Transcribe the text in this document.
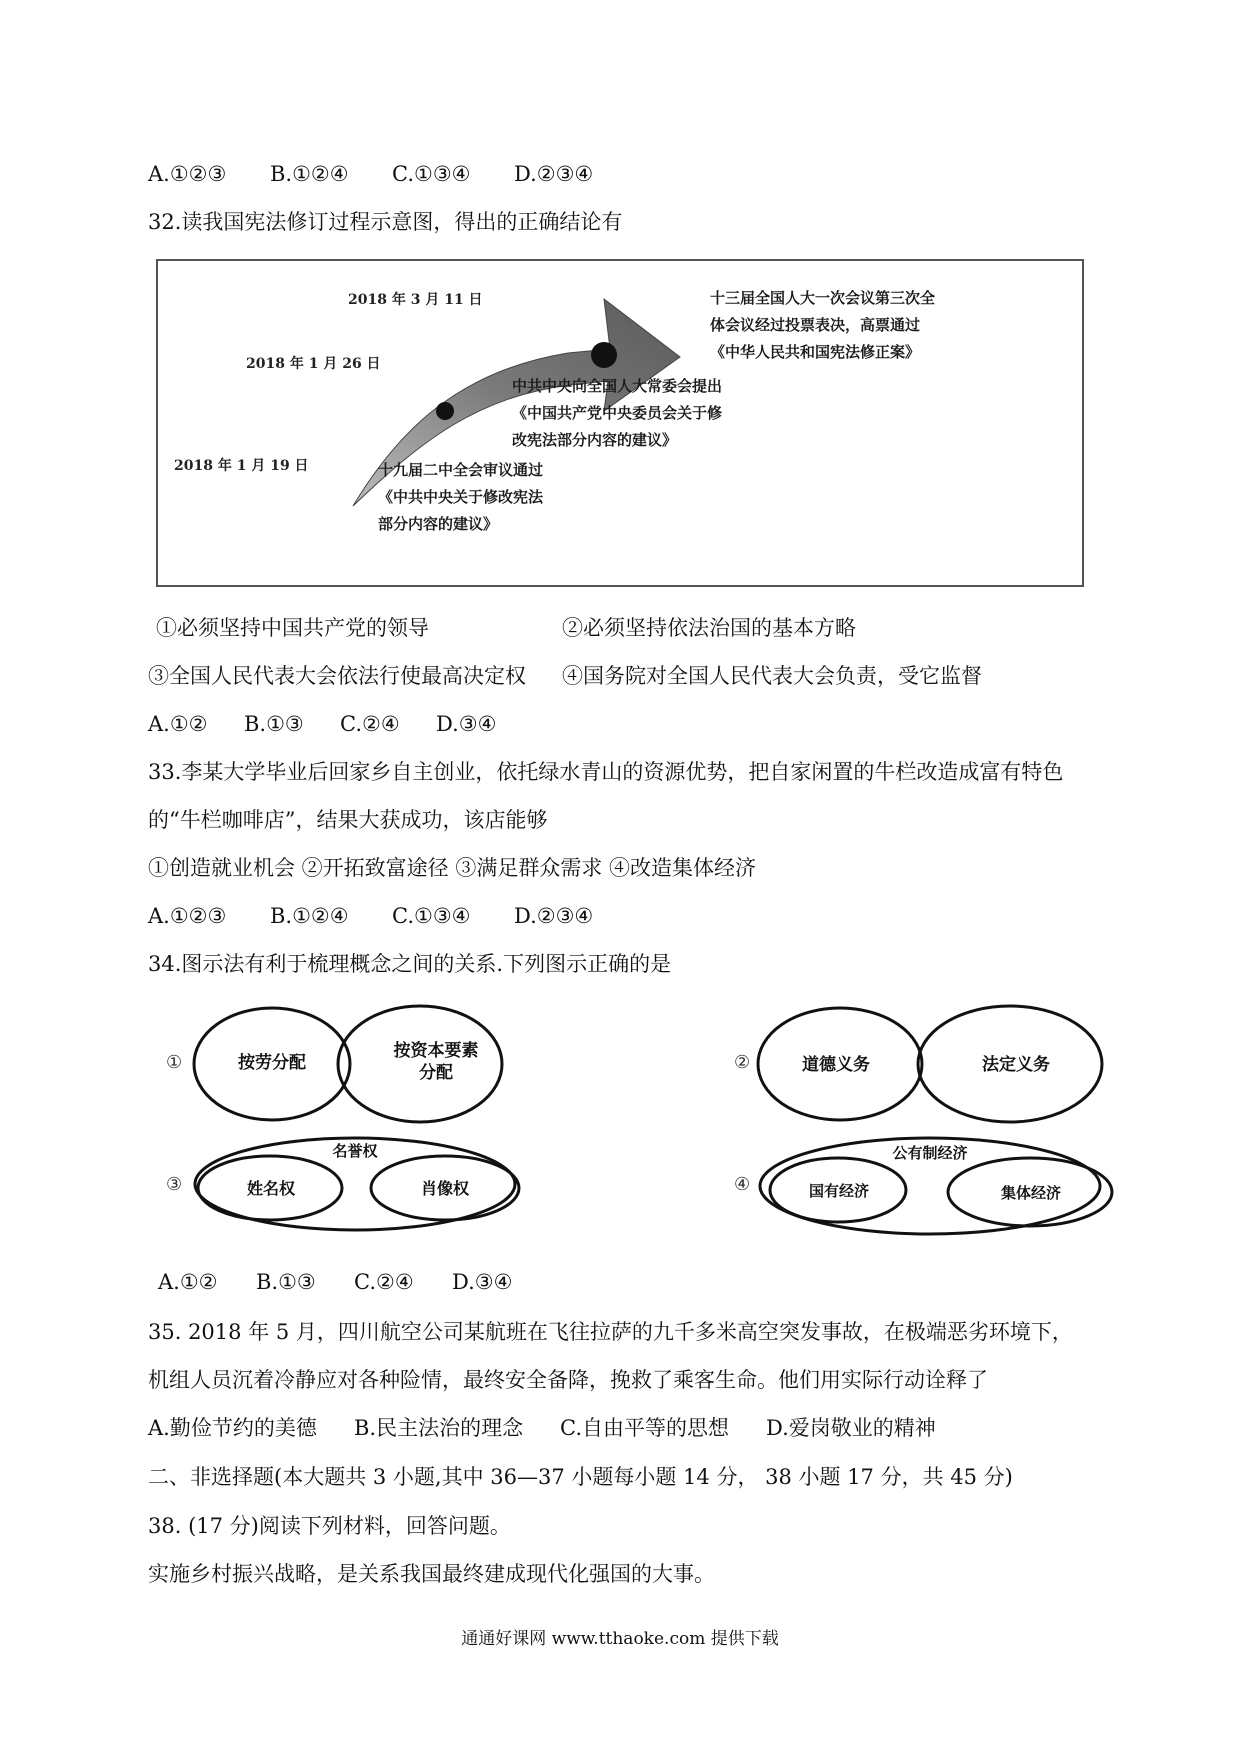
A.①②③ B.①②④ C.①③④ D.②③④
32.读我国宪法修订过程示意图，得出的正确结论有
2018 年 3 月 11 日
2018 年 1 月 26 日
2018 年 1 月 19 日
十三届全国人大一次会议第三次全
体会议经过投票表决，高票通过
《中华人民共和国宪法修正案》
中共中央向全国人大常委会提出
《中国共产党中央委员会关于修
改宪法部分内容的建议》
十九届二中全会审议通过
《中共中央关于修改宪法
部分内容的建议》
①必须坚持中国共产党的领导	②必须坚持依法治国的基本方略
③全国人民代表大会依法行使最高决定权 ④国务院对全国人民代表大会负责，受它监督
A.①② B.①③ C.②④ D.③④
33.李某大学毕业后回家乡自主创业，依托绿水青山的资源优势，把自家闲置的牛栏改造成富有特色
的“牛栏咖啡店”，结果大获成功，该店能够
①创造就业机会 ②开拓致富途径 ③满足群众需求 ④改造集体经济
A.①②③ B.①②④ C.①③④ D.②③④
34.图示法有利于梳理概念之间的关系.下列图示正确的是
①	按劳分配
按资本要素
分配	②	道德义务	法定义务
③
名誉权
姓名权	肖像权	④
公有制经济
国有经济	集体经济
A.①② B.①③ C.②④ D.③④
35. 2018 年 5 月，四川航空公司某航班在飞往拉萨的九千多米高空突发事故，在极端恶劣环境下，
机组人员沉着冷静应对各种险情，最终安全备降，挽救了乘客生命。他们用实际行动诠释了
A.勤俭节约的美德 B.民主法治的理念 C.自由平等的思想 D.爱岗敬业的精神
二、非选择题(本大题共 3 小题,其中 36—37 小题每小题 14 分， 38 小题 17 分，共 45 分)
38. (17 分)阅读下列材料，回答问题。
实施乡村振兴战略，是关系我国最终建成现代化强国的大事。
通通好课网 www.tthaoke.com 提供下载
